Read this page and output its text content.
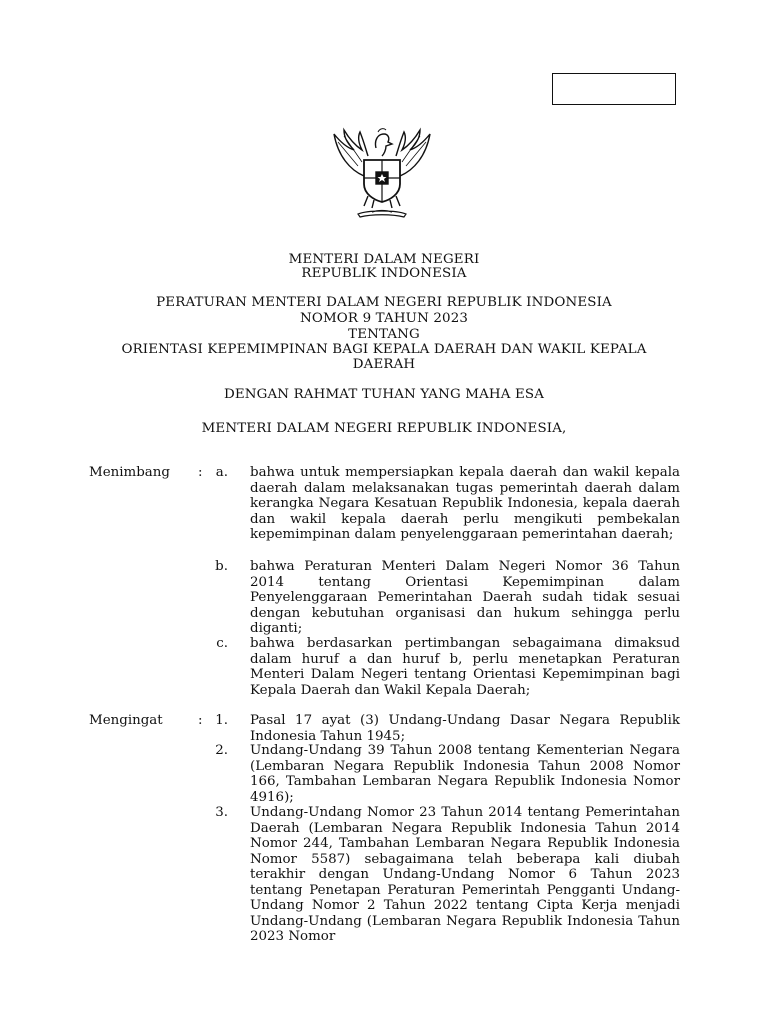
MENTERI DALAM NEGERI
REPUBLIK INDONESIA
PERATURAN MENTERI DALAM NEGERI REPUBLIK INDONESIA
NOMOR 9 TAHUN 2023
TENTANG
ORIENTASI KEPEMIMPINAN BAGI KEPALA DAERAH DAN WAKIL KEPALA
DAERAH
DENGAN RAHMAT TUHAN YANG MAHA ESA
MENTERI DALAM NEGERI REPUBLIK INDONESIA,
Menimbang : a. bahwa untuk mempersiapkan kepala daerah dan wakil kepala daerah dalam melaksanakan tugas pemerintah daerah dalam kerangka Negara Kesatuan Republik Indonesia, kepala daerah dan wakil kepala daerah perlu mengikuti pembekalan kepemimpinan dalam penyelenggaraan pemerintahan daerah;
b. bahwa Peraturan Menteri Dalam Negeri Nomor 36 Tahun 2014 tentang Orientasi Kepemimpinan dalam Penyelenggaraan Pemerintahan Daerah sudah tidak sesuai dengan kebutuhan organisasi dan hukum sehingga perlu diganti;
c. bahwa berdasarkan pertimbangan sebagaimana dimaksud dalam huruf a dan huruf b, perlu menetapkan Peraturan Menteri Dalam Negeri tentang Orientasi Kepemimpinan bagi Kepala Daerah dan Wakil Kepala Daerah;
Mengingat	: 1. Pasal 17 ayat (3) Undang-Undang Dasar Negara Republik Indonesia Tahun 1945;
2. Undang-Undang 39 Tahun 2008 tentang Kementerian Negara (Lembaran Negara Republik Indonesia Tahun 2008 Nomor 166, Tambahan Lembaran Negara Republik Indonesia Nomor 4916);
3. Undang-Undang Nomor 23 Tahun 2014 tentang Pemerintahan Daerah (Lembaran Negara Republik Indonesia Tahun 2014 Nomor 244, Tambahan Lembaran Negara Republik Indonesia Nomor 5587) sebagaimana telah beberapa kali diubah terakhir dengan Undang-Undang Nomor 6 Tahun 2023 tentang Penetapan Peraturan Pemerintah Pengganti Undang-Undang Nomor 2 Tahun 2022 tentang Cipta Kerja menjadi Undang-Undang (Lembaran Negara Republik Indonesia Tahun 2023 Nomor
